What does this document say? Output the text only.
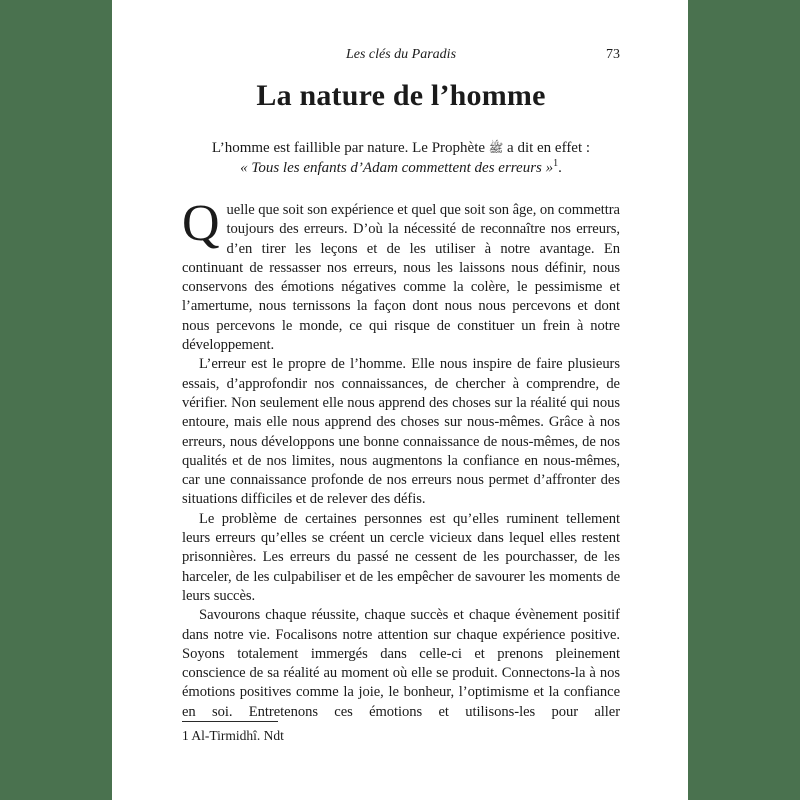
Les clés du Paradis	73
La nature de l’homme

L’homme est faillible par nature. Le Prophète ﷺ a dit en effet :

« Tous les enfants d’Adam commettent des erreurs »$^1$.

Quelle que soit son expérience et quel que soit son âge, on commettra toujours des erreurs. D’où la nécessité de reconnaître nos erreurs, d’en tirer les leçons et de les utiliser à notre avantage. En continuant de ressasser nos erreurs, nous les laissons nous définir, nous conservons des émotions négatives comme la colère, le pessimisme et l’amertume, nous ternissons la façon dont nous nous percevons et dont nous percevons le monde, ce qui risque de constituer un frein à notre développement.

L’erreur est le propre de l’homme. Elle nous inspire de faire plusieurs essais, d’approfondir nos connaissances, de chercher à comprendre, de vérifier. Non seulement elle nous apprend des choses sur la réalité qui nous entoure, mais elle nous apprend des choses sur nous-mêmes. Grâce à nos erreurs, nous développons une bonne connaissance de nous-mêmes, de nos qualités et de nos limites, nous augmentons la confiance en nous-mêmes, car une connaissance profonde de nos erreurs nous permet d’affronter des situations difficiles et de relever des défis.

Le problème de certaines personnes est qu’elles ruminent tellement leurs erreurs qu’elles se créent un cercle vicieux dans lequel elles restent prisonnières. Les erreurs du passé ne cessent de les pourchasser, de les harceler, de les culpabiliser et de les empêcher de savourer les moments de leurs succès.

Savourons chaque réussite, chaque succès et chaque évènement positif dans notre vie. Focalisons notre attention sur chaque expérience positive. Soyons totalement immergés dans celle-ci et prenons pleinement conscience de sa réalité au moment où elle se produit. Connectons-la à nos émotions positives comme la joie, le bonheur, l’optimisme et la confiance en soi. Entretenons ces émotions et utilisons-les pour aller

1 Al-Tirmidhî. Ndt
